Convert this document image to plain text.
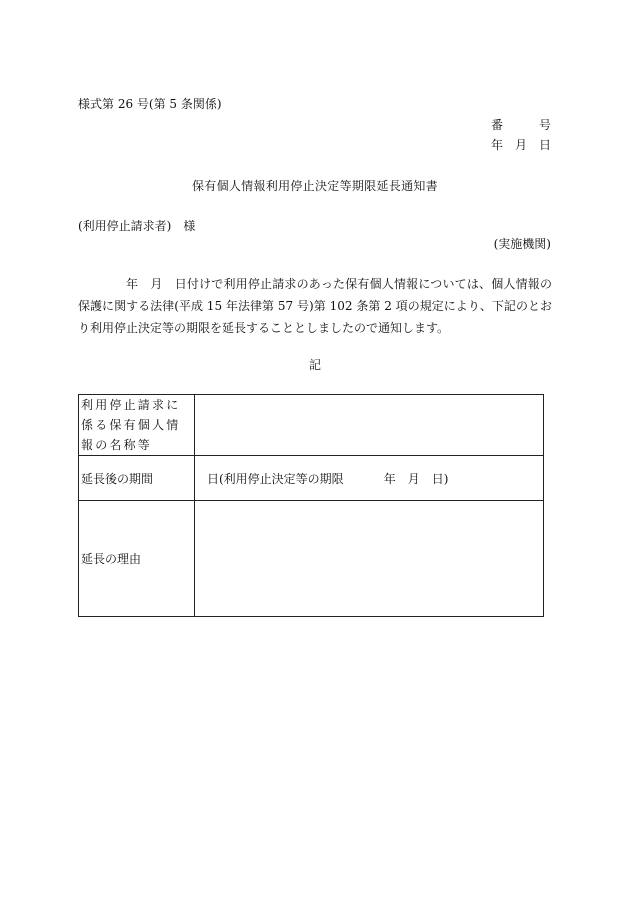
様式第 26 号(第 5 条関係)
番　　　号
年　月　日
保有個人情報利用停止決定等期限延長通知書
(利用停止請求者)　様
(実施機関)
年　月　日付けで利用停止請求のあった保有個人情報については、個人情報の保護に関する法律(平成 15 年法律第 57 号)第 102 条第 2 項の規定により、下記のとおり利用停止決定等の期限を延長することとしましたので通知します。
記
利用停止請求に係る保有個人情報の名称等	
延長後の期間	日(利用停止決定等の期限 年 月 日)
延長の理由	
